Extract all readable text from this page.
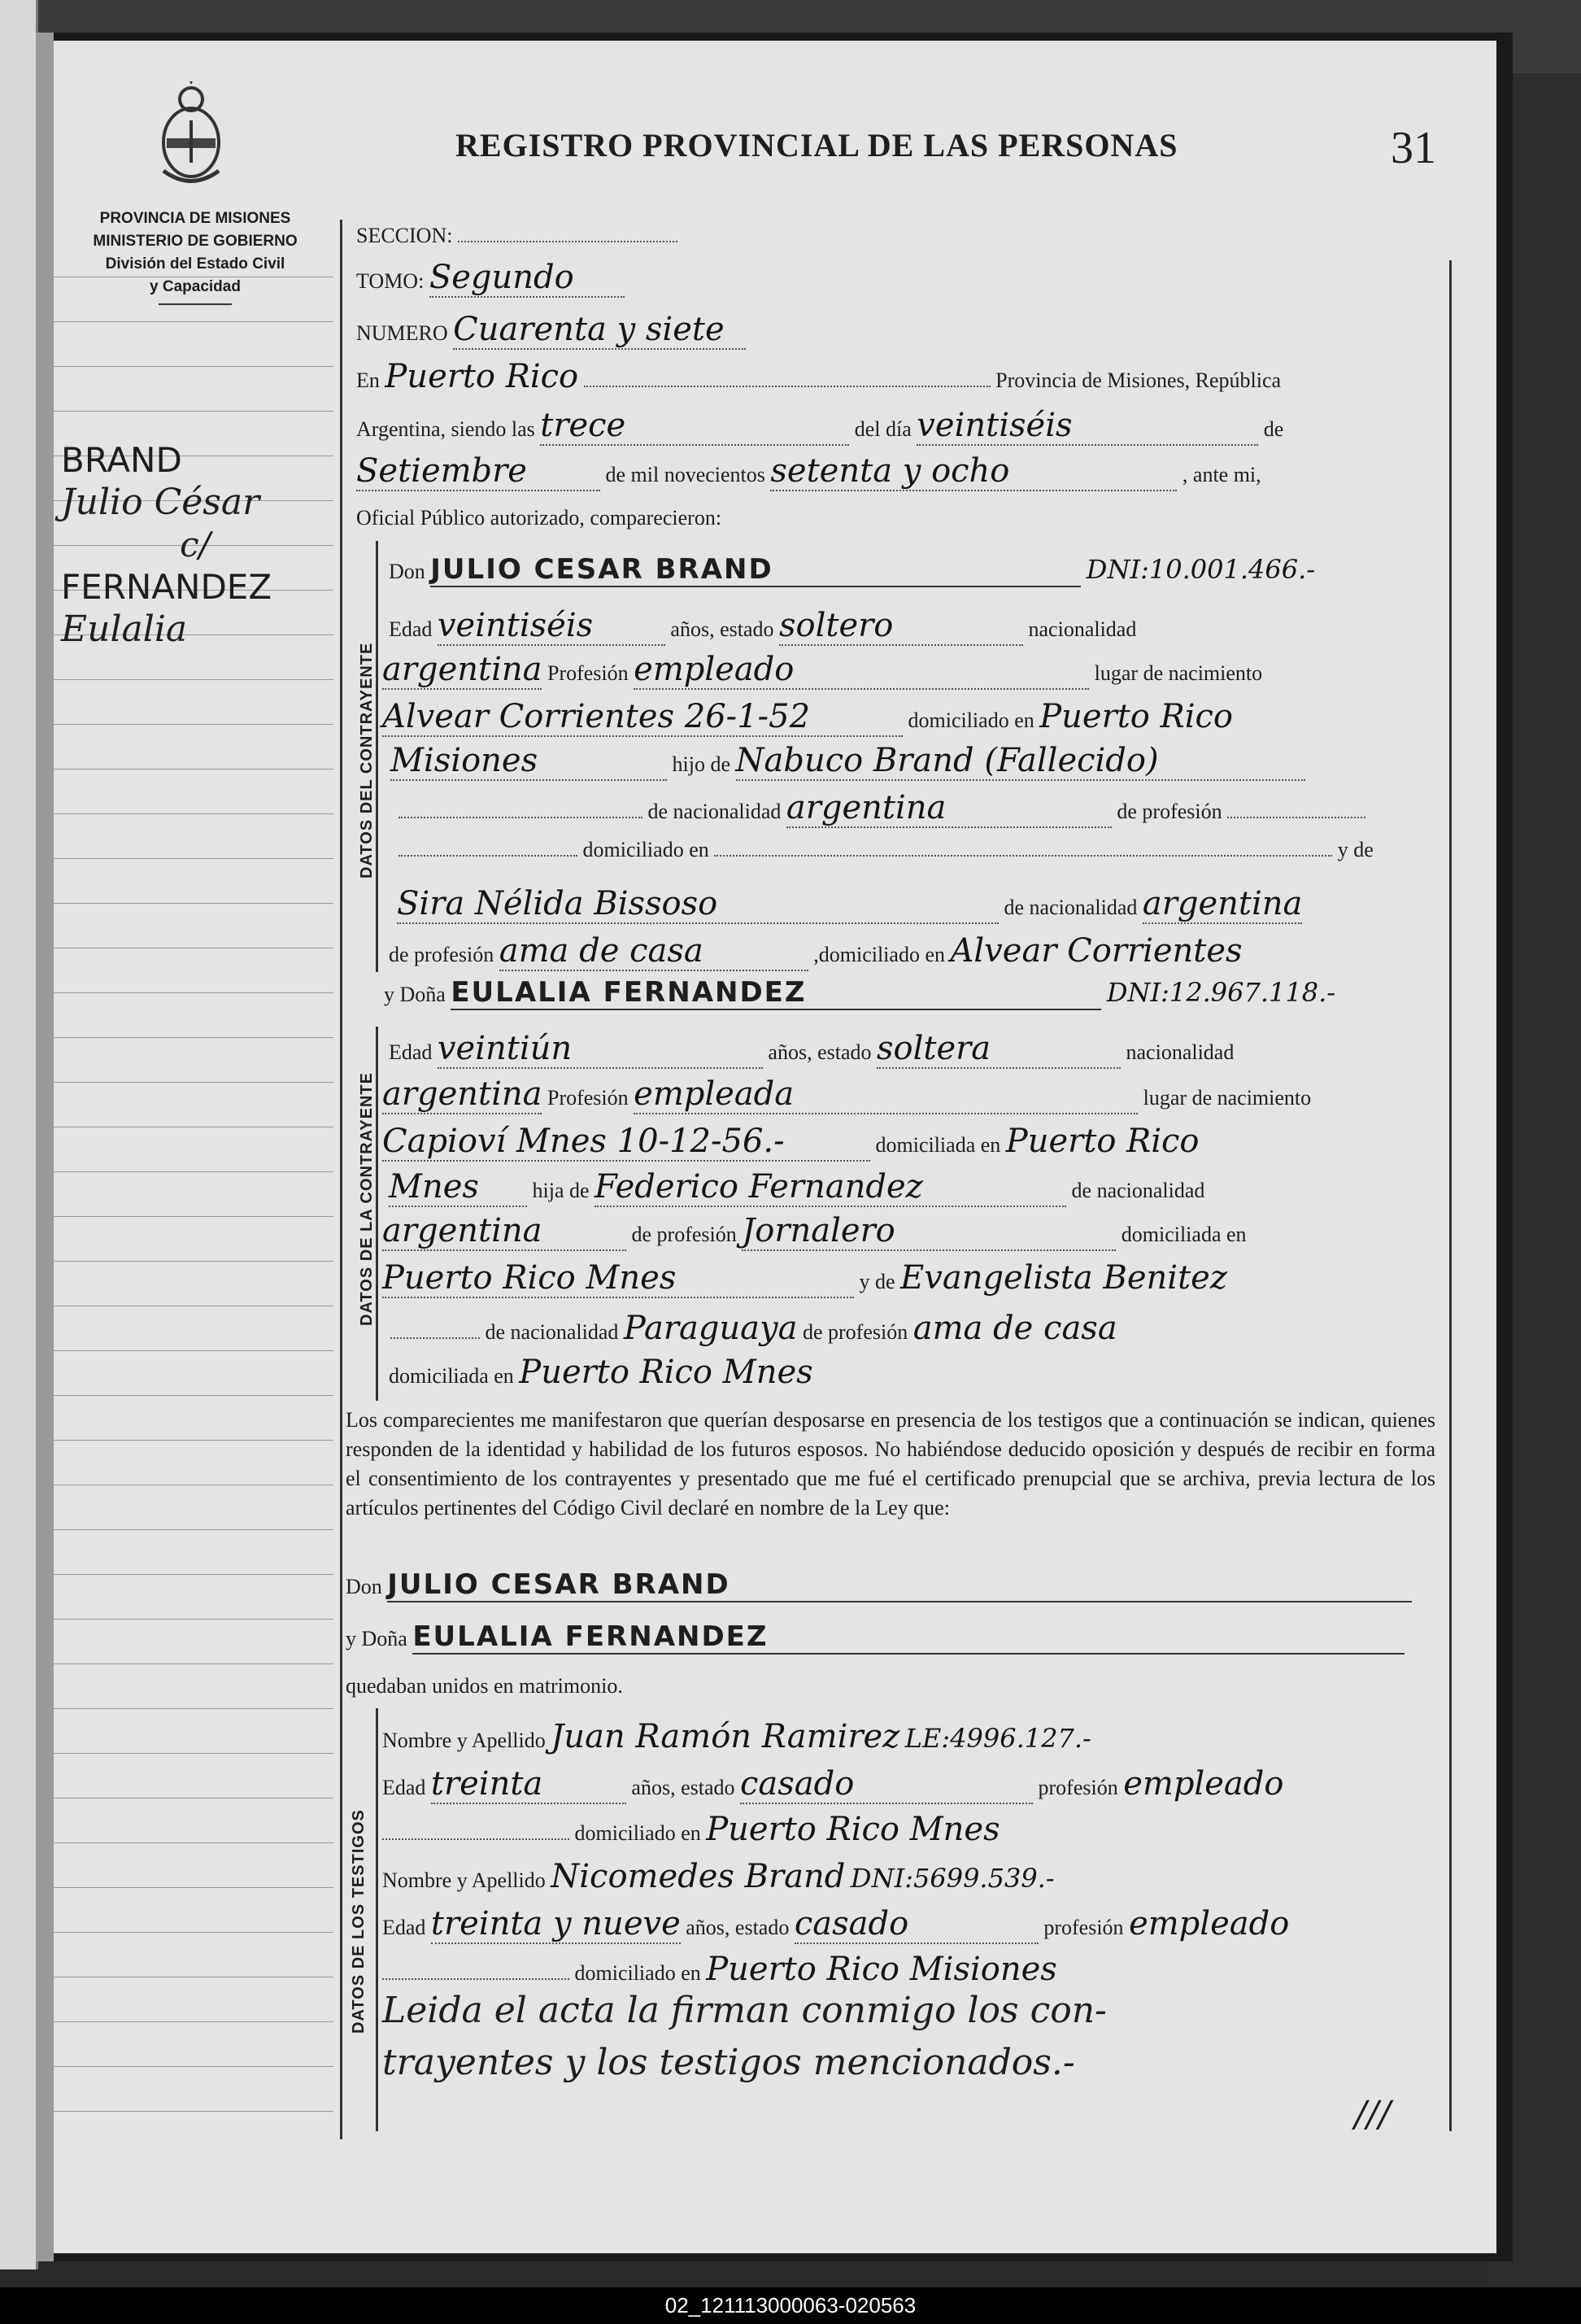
PROVINCIA DE MISIONES
MINISTERIO DE GOBIERNO
División del Estado Civil
y Capacidad
REGISTRO PROVINCIAL DE LAS PERSONAS	31
BRAND
Julio César
c/
FERNANDEZ
Eulalia
SECCION:
TOMO: Segundo
NUMERO Cuarenta y siete
En Puerto Rico	Provincia de Misiones, República
Argentina, siendo las trece	del día veintiséis	de
Setiembre	de mil novecientos setenta y ocho	, ante mi,
Oficial Público autorizado, comparecieron:
DATOS DEL CONTRAYENTE
Don JULIO CESAR BRAND	DNI:10.001.466.-
Edad veintiséis	años, estado soltero	nacionalidad
argentina Profesión empleado	lugar de nacimiento
Alvear Corrientes 26-1-52	domiciliado en Puerto Rico
Misiones	hijo de Nabuco Brand (Fallecido)
de nacionalidad argentina	de profesión
domiciliado en	y de
Sira Nélida Bissoso	de nacionalidad argentina
de profesión ama de casa	,domiciliado en Alvear Corrientes
DATOS DE LA CONTRAYENTE
y Doña EULALIA FERNANDEZ	DNI:12.967.118.-
Edad veintiún	años, estado soltera	nacionalidad
argentina Profesión empleada	lugar de nacimiento
Capioví Mnes 10-12-56.-	domiciliada en Puerto Rico
Mnes	hija de Federico Fernandez	de nacionalidad
argentina	de profesión Jornalero	domiciliada en
Puerto Rico Mnes	y de Evangelista Benitez
de nacionalidad Paraguaya de profesión ama de casa
domiciliada en Puerto Rico Mnes
Los comparecientes me manifestaron que querían desposarse en presencia de los testigos que a continuación se indican, quienes responden de la identidad y habilidad de los futuros esposos. No habiéndose deducido oposición y después de recibir en forma el consentimiento de los contrayentes y presentado que me fué el certificado prenupcial que se archiva, previa lectura de los artículos pertinentes del Código Civil declaré en nombre de la Ley que:
Don JULIO CESAR BRAND
y Doña EULALIA FERNANDEZ
quedaban unidos en matrimonio.
DATOS DE LOS TESTIGOS
Nombre y Apellido Juan Ramón Ramirez LE:4996.127.-
Edad treinta	años, estado casado	profesión empleado
domiciliado en Puerto Rico Mnes
Nombre y Apellido Nicomedes Brand DNI:5699.539.-
Edad treinta y nueve años, estado casado	profesión empleado
domiciliado en Puerto Rico Misiones
Leida el acta la firman conmigo los con-
trayentes y los testigos mencionados.-
///
02_121113000063-020563
